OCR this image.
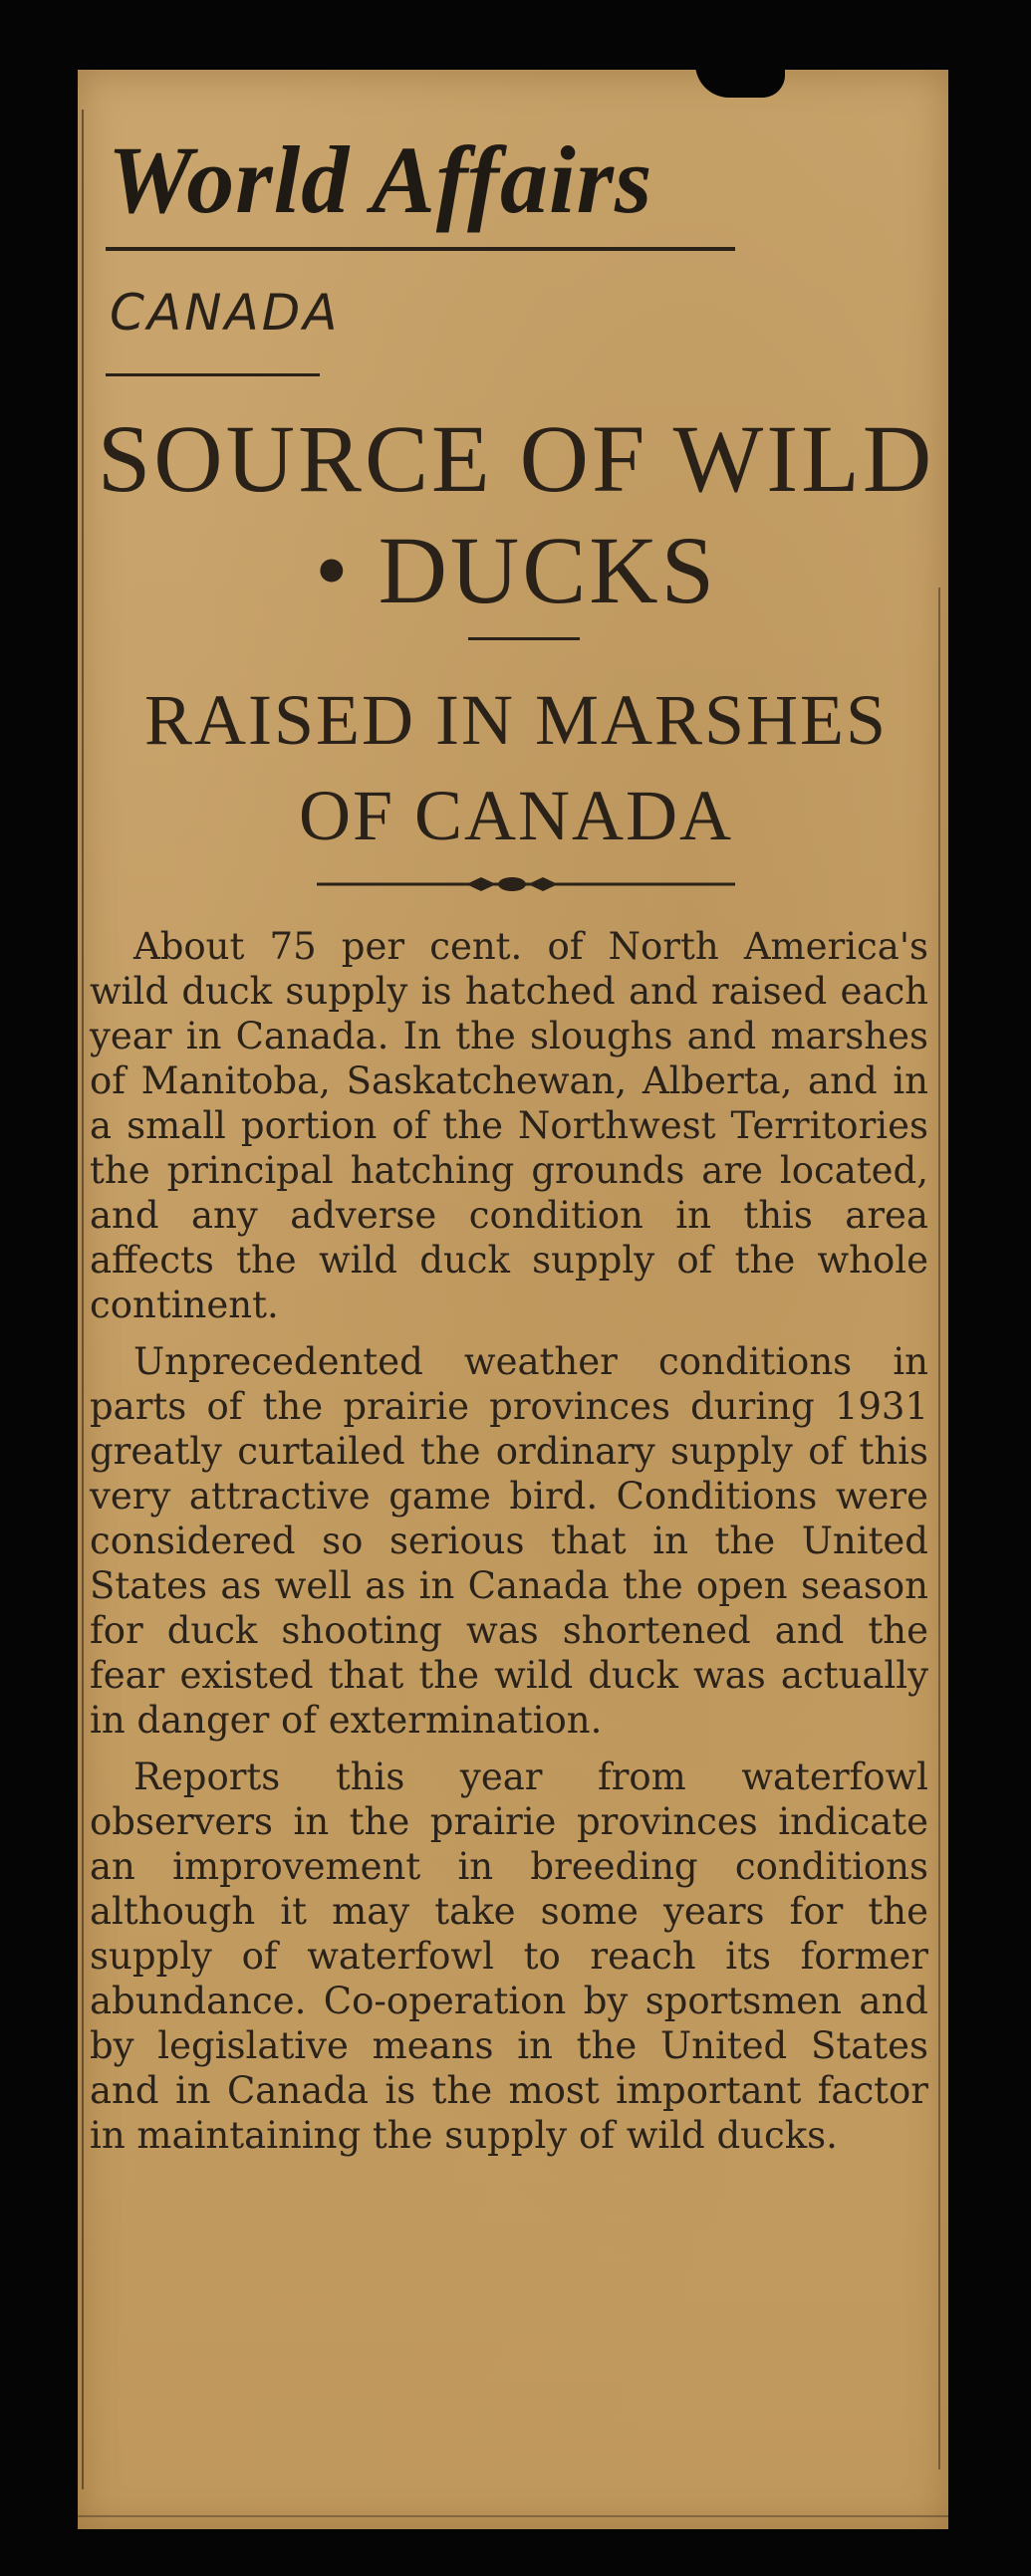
World Affairs
CANADA
SOURCE OF WILD
• DUCKS
RAISED IN MARSHES
OF CANADA

About 75 per cent. of North America's wild duck supply is hatched and raised each year in Canada. In the sloughs and marshes of Manitoba, Saskatchewan, Alberta, and in a small portion of the Northwest Territories the principal hatching grounds are located, and any adverse condition in this area affects the wild duck supply of the whole continent.

Unprecedented weather conditions in parts of the prairie provinces during 1931 greatly curtailed the ordinary supply of this very attractive game bird. Conditions were considered so serious that in the United States as well as in Canada the open season for duck shooting was shortened and the fear existed that the wild duck was actually in danger of extermination.

Reports this year from waterfowl observers in the prairie provinces indicate an improvement in breeding conditions although it may take some years for the supply of waterfowl to reach its former abundance. Co-operation by sportsmen and by legislative means in the United States and in Canada is the most important factor in maintaining the supply of wild ducks.
